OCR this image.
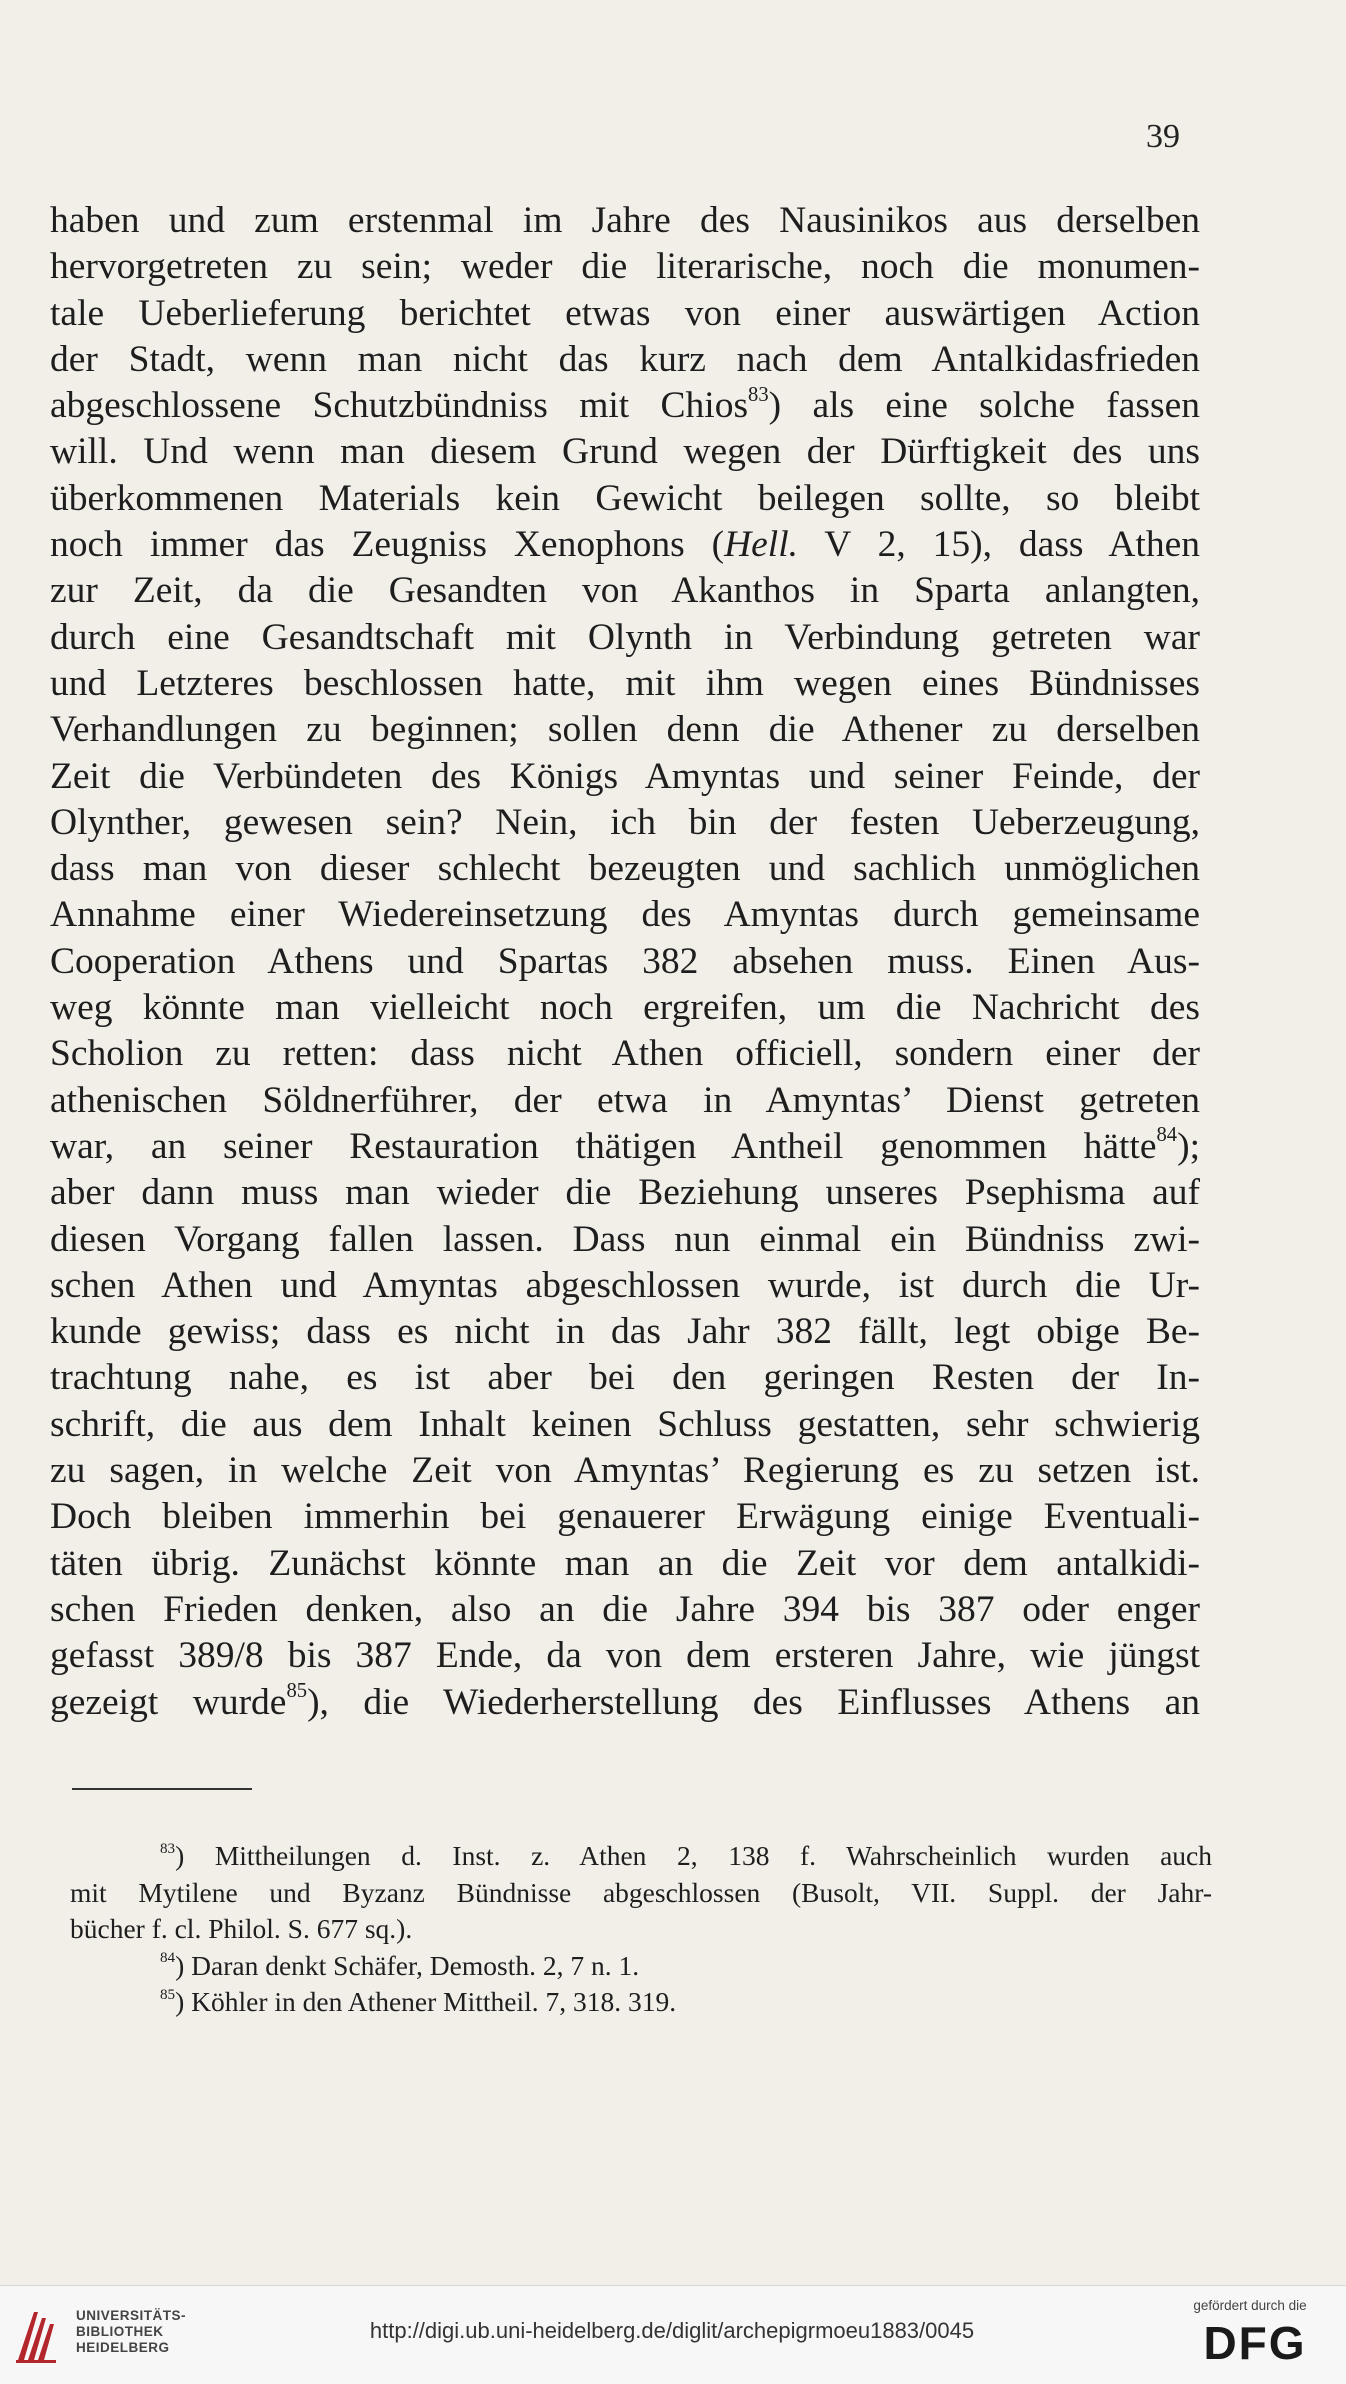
39
haben und zum erstenmal im Jahre des Nausinikos aus derselben
hervorgetreten zu sein; weder die literarische, noch die monumen-
tale Ueberlieferung berichtet etwas von einer auswärtigen Action
der Stadt, wenn man nicht das kurz nach dem Antalkidasfrieden
abgeschlossene Schutzbündniss mit Chios$^{83}$) als eine solche fassen
will. Und wenn man diesem Grund wegen der Dürftigkeit des uns
überkommenen Materials kein Gewicht beilegen sollte, so bleibt
noch immer das Zeugniss Xenophons (Hell. V 2, 15), dass Athen
zur Zeit, da die Gesandten von Akanthos in Sparta anlangten,
durch eine Gesandtschaft mit Olynth in Verbindung getreten war
und Letzteres beschlossen hatte, mit ihm wegen eines Bündnisses
Verhandlungen zu beginnen; sollen denn die Athener zu derselben
Zeit die Verbündeten des Königs Amyntas und seiner Feinde, der
Olynther, gewesen sein? Nein, ich bin der festen Ueberzeugung,
dass man von dieser schlecht bezeugten und sachlich unmöglichen
Annahme einer Wiedereinsetzung des Amyntas durch gemeinsame
Cooperation Athens und Spartas 382 absehen muss. Einen Aus-
weg könnte man vielleicht noch ergreifen, um die Nachricht des
Scholion zu retten: dass nicht Athen officiell, sondern einer der
athenischen Söldnerführer, der etwa in Amyntas’ Dienst getreten
war, an seiner Restauration thätigen Antheil genommen hätte$^{84}$);
aber dann muss man wieder die Beziehung unseres Psephisma auf
diesen Vorgang fallen lassen. Dass nun einmal ein Bündniss zwi-
schen Athen und Amyntas abgeschlossen wurde, ist durch die Ur-
kunde gewiss; dass es nicht in das Jahr 382 fällt, legt obige Be-
trachtung nahe, es ist aber bei den geringen Resten der In-
schrift, die aus dem Inhalt keinen Schluss gestatten, sehr schwierig
zu sagen, in welche Zeit von Amyntas’ Regierung es zu setzen ist.
Doch bleiben immerhin bei genauerer Erwägung einige Eventuali-
täten übrig. Zunächst könnte man an die Zeit vor dem antalkidi-
schen Frieden denken, also an die Jahre 394 bis 387 oder enger
gefasst 389/8 bis 387 Ende, da von dem ersteren Jahre, wie jüngst
gezeigt wurde$^{85}$), die Wiederherstellung des Einflusses Athens an
$^{83}$) Mittheilungen d. Inst. z. Athen 2, 138 f. Wahrscheinlich wurden auch
mit Mytilene und Byzanz Bündnisse abgeschlossen (Busolt, VII. Suppl. der Jahr-
bücher f. cl. Philol. S. 677 sq.).
$^{84}$) Daran denkt Schäfer, Demosth. 2, 7 n. 1.
$^{85}$) Köhler in den Athener Mittheil. 7, 318. 319.
UNIVERSITÄTS-
BIBLIOTHEK
HEIDELBERG
http://digi.ub.uni-heidelberg.de/diglit/archepigrmoeu1883/0045
gefördert durch die
DFG
